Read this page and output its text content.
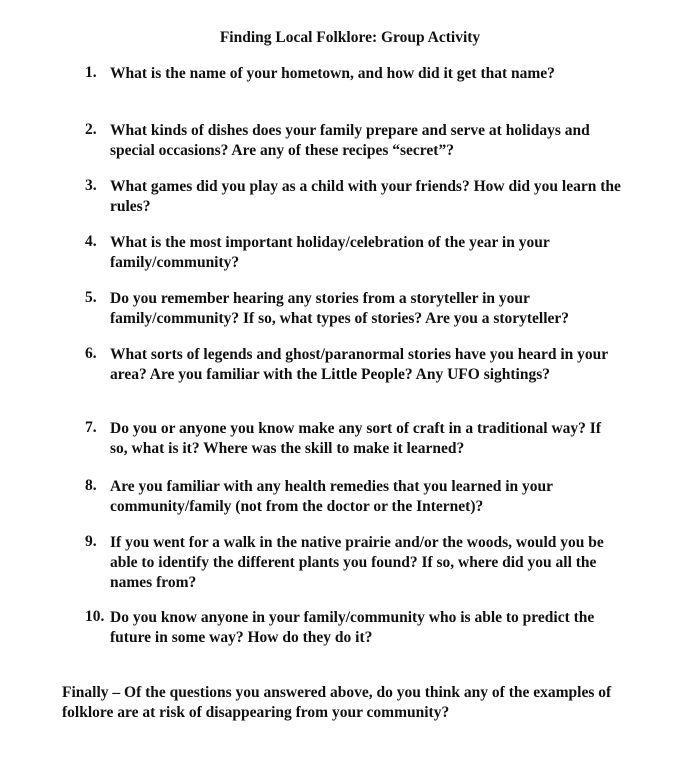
Finding Local Folklore: Group Activity
1. What is the name of your hometown, and how did it get that name?
2. What kinds of dishes does your family prepare and serve at holidays and
special occasions? Are any of these recipes “secret”?
3. What games did you play as a child with your friends? How did you learn the
rules?
4. What is the most important holiday/celebration of the year in your
family/community?
5. Do you remember hearing any stories from a storyteller in your
family/community? If so, what types of stories? Are you a storyteller?
6. What sorts of legends and ghost/paranormal stories have you heard in your
area? Are you familiar with the Little People? Any UFO sightings?
7. Do you or anyone you know make any sort of craft in a traditional way? If
so, what is it? Where was the skill to make it learned?
8. Are you familiar with any health remedies that you learned in your
community/family (not from the doctor or the Internet)?
9. If you went for a walk in the native prairie and/or the woods, would you be
able to identify the different plants you found? If so, where did you all the
names from?
10. Do you know anyone in your family/community who is able to predict the
future in some way? How do they do it?
Finally – Of the questions you answered above, do you think any of the examples of
folklore are at risk of disappearing from your community?
